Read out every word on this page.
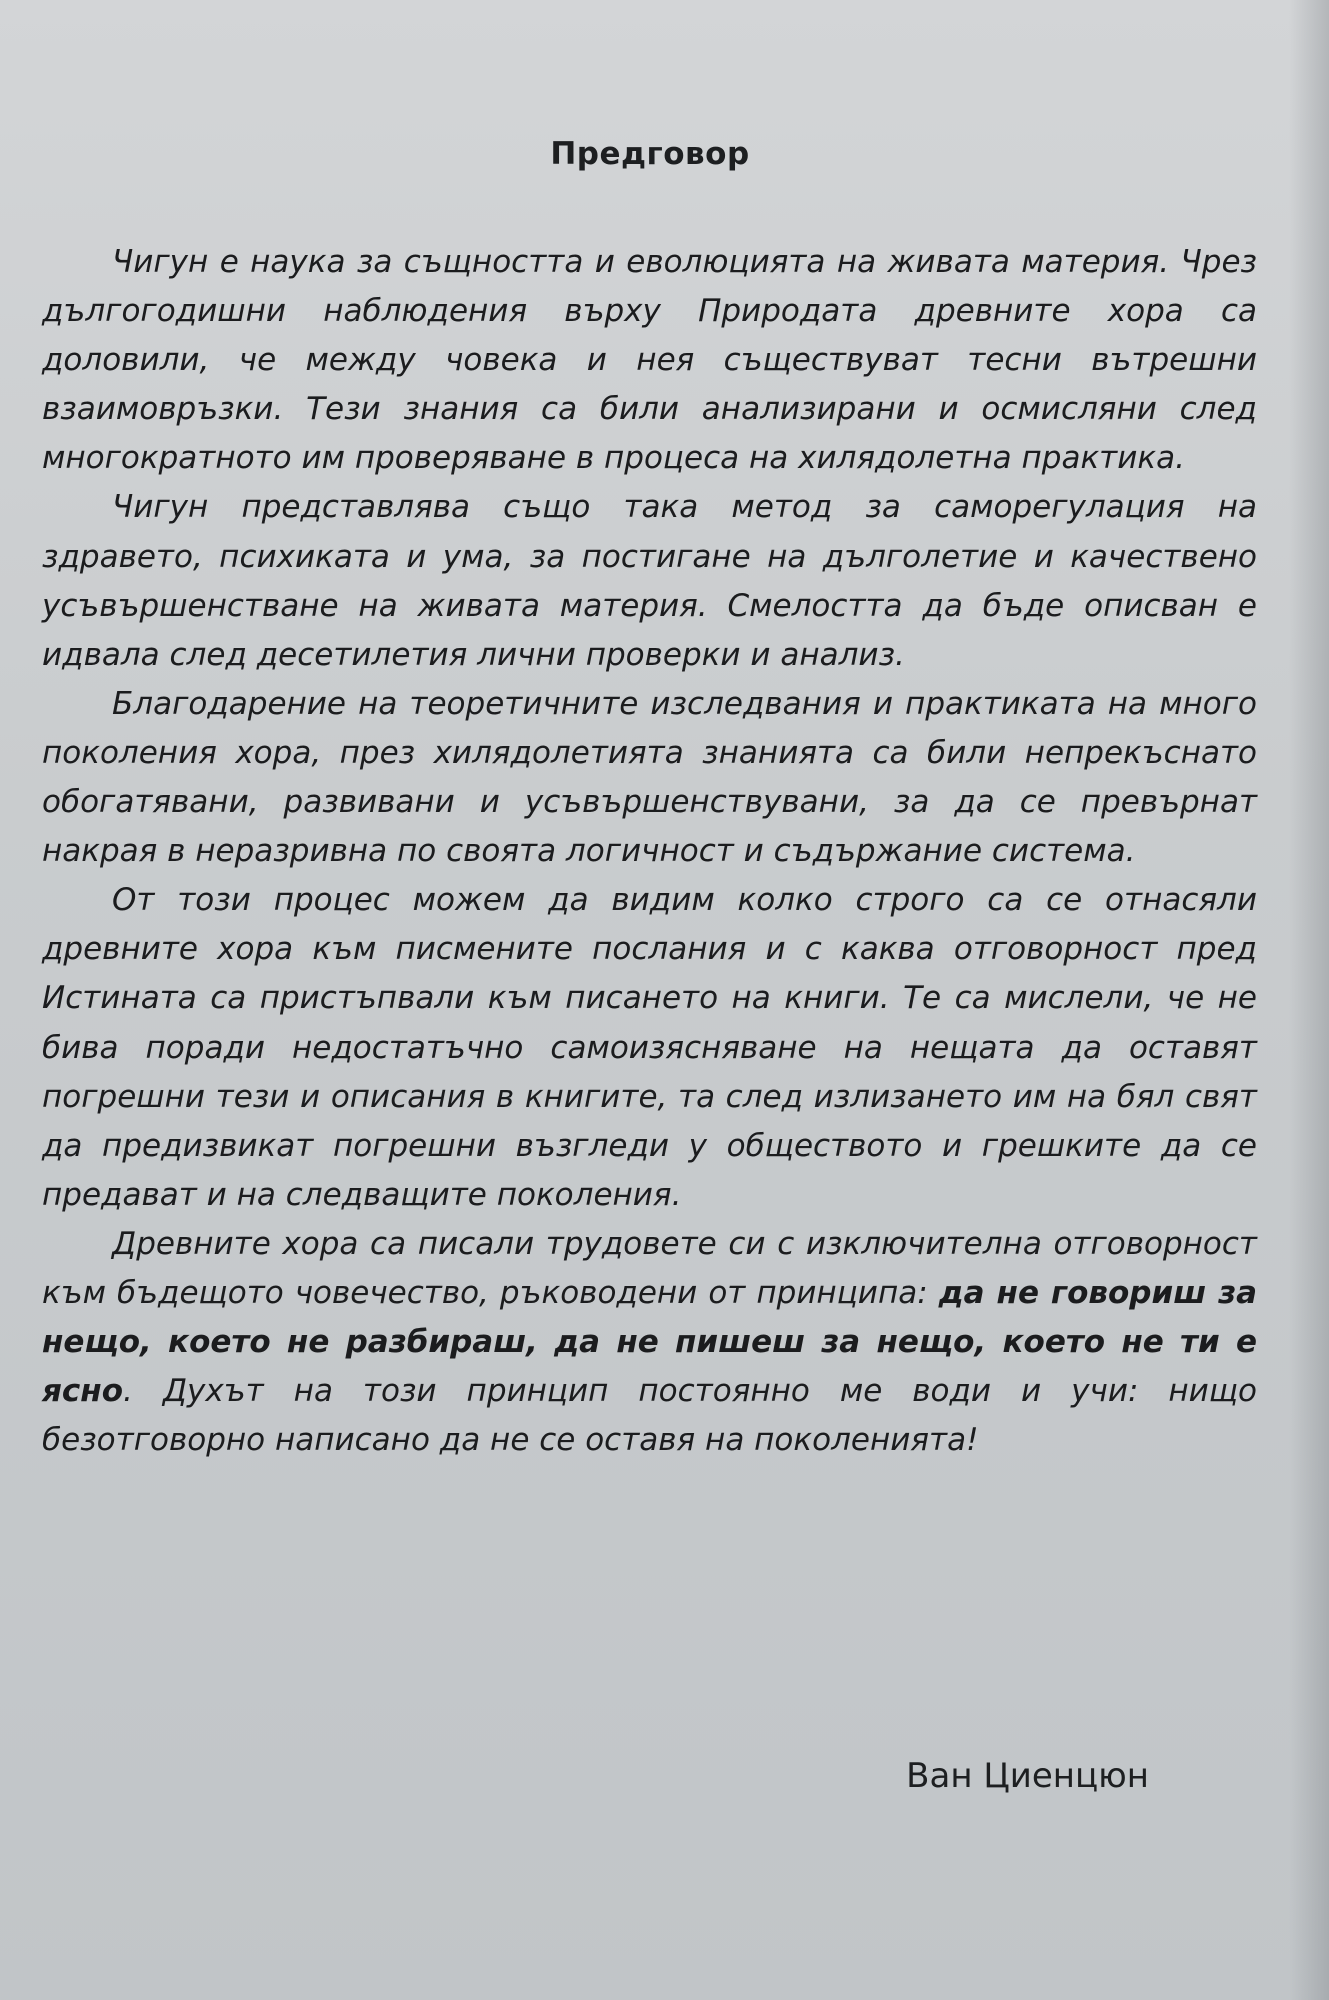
Предговор

Чигун е наука за същността и еволюцията на живата материя. Чрез дългогодишни наблюдения върху Природата древните хора са доловили, че между човека и нея съществуват тесни вътрешни взаимовръзки. Тези знания са били анализирани и осмисляни след многократното им проверяване в процеса на хилядолетна практика.

Чигун представлява също така метод за саморегулация на здравето, психиката и ума, за постигане на дълголетие и качествено усъвършенстване на живата материя. Смелостта да бъде описван е идвала след десетилетия лични проверки и анализ.

Благодарение на теоретичните изследвания и практиката на много поколения хора, през хилядолетията знанията са били непрекъснато обогатявани, развивани и усъвършенствувани, за да се превърнат накрая в неразривна по своята логичност и съдържание система.

От този процес можем да видим колко строго са се отнасяли древните хора към писмените послания и с каква отговорност пред Истината са пристъпвали към писането на книги. Те са мислели, че не бива поради недостатъчно самоизясняване на нещата да оставят погрешни тези и описания в книгите, та след излизането им на бял свят да предизвикат погрешни възгледи у обществото и грешките да се предават и на следващите поколения.

Древните хора са писали трудовете си с изключителна отговорност към бъдещото човечество, ръководени от принципа: да не говориш за нещо, което не разбираш, да не пишеш за нещо, което не ти е ясно. Духът на този принцип постоянно ме води и учи: нищо безотговорно написано да не се оставя на поколенията!

Ван Циенцюн
